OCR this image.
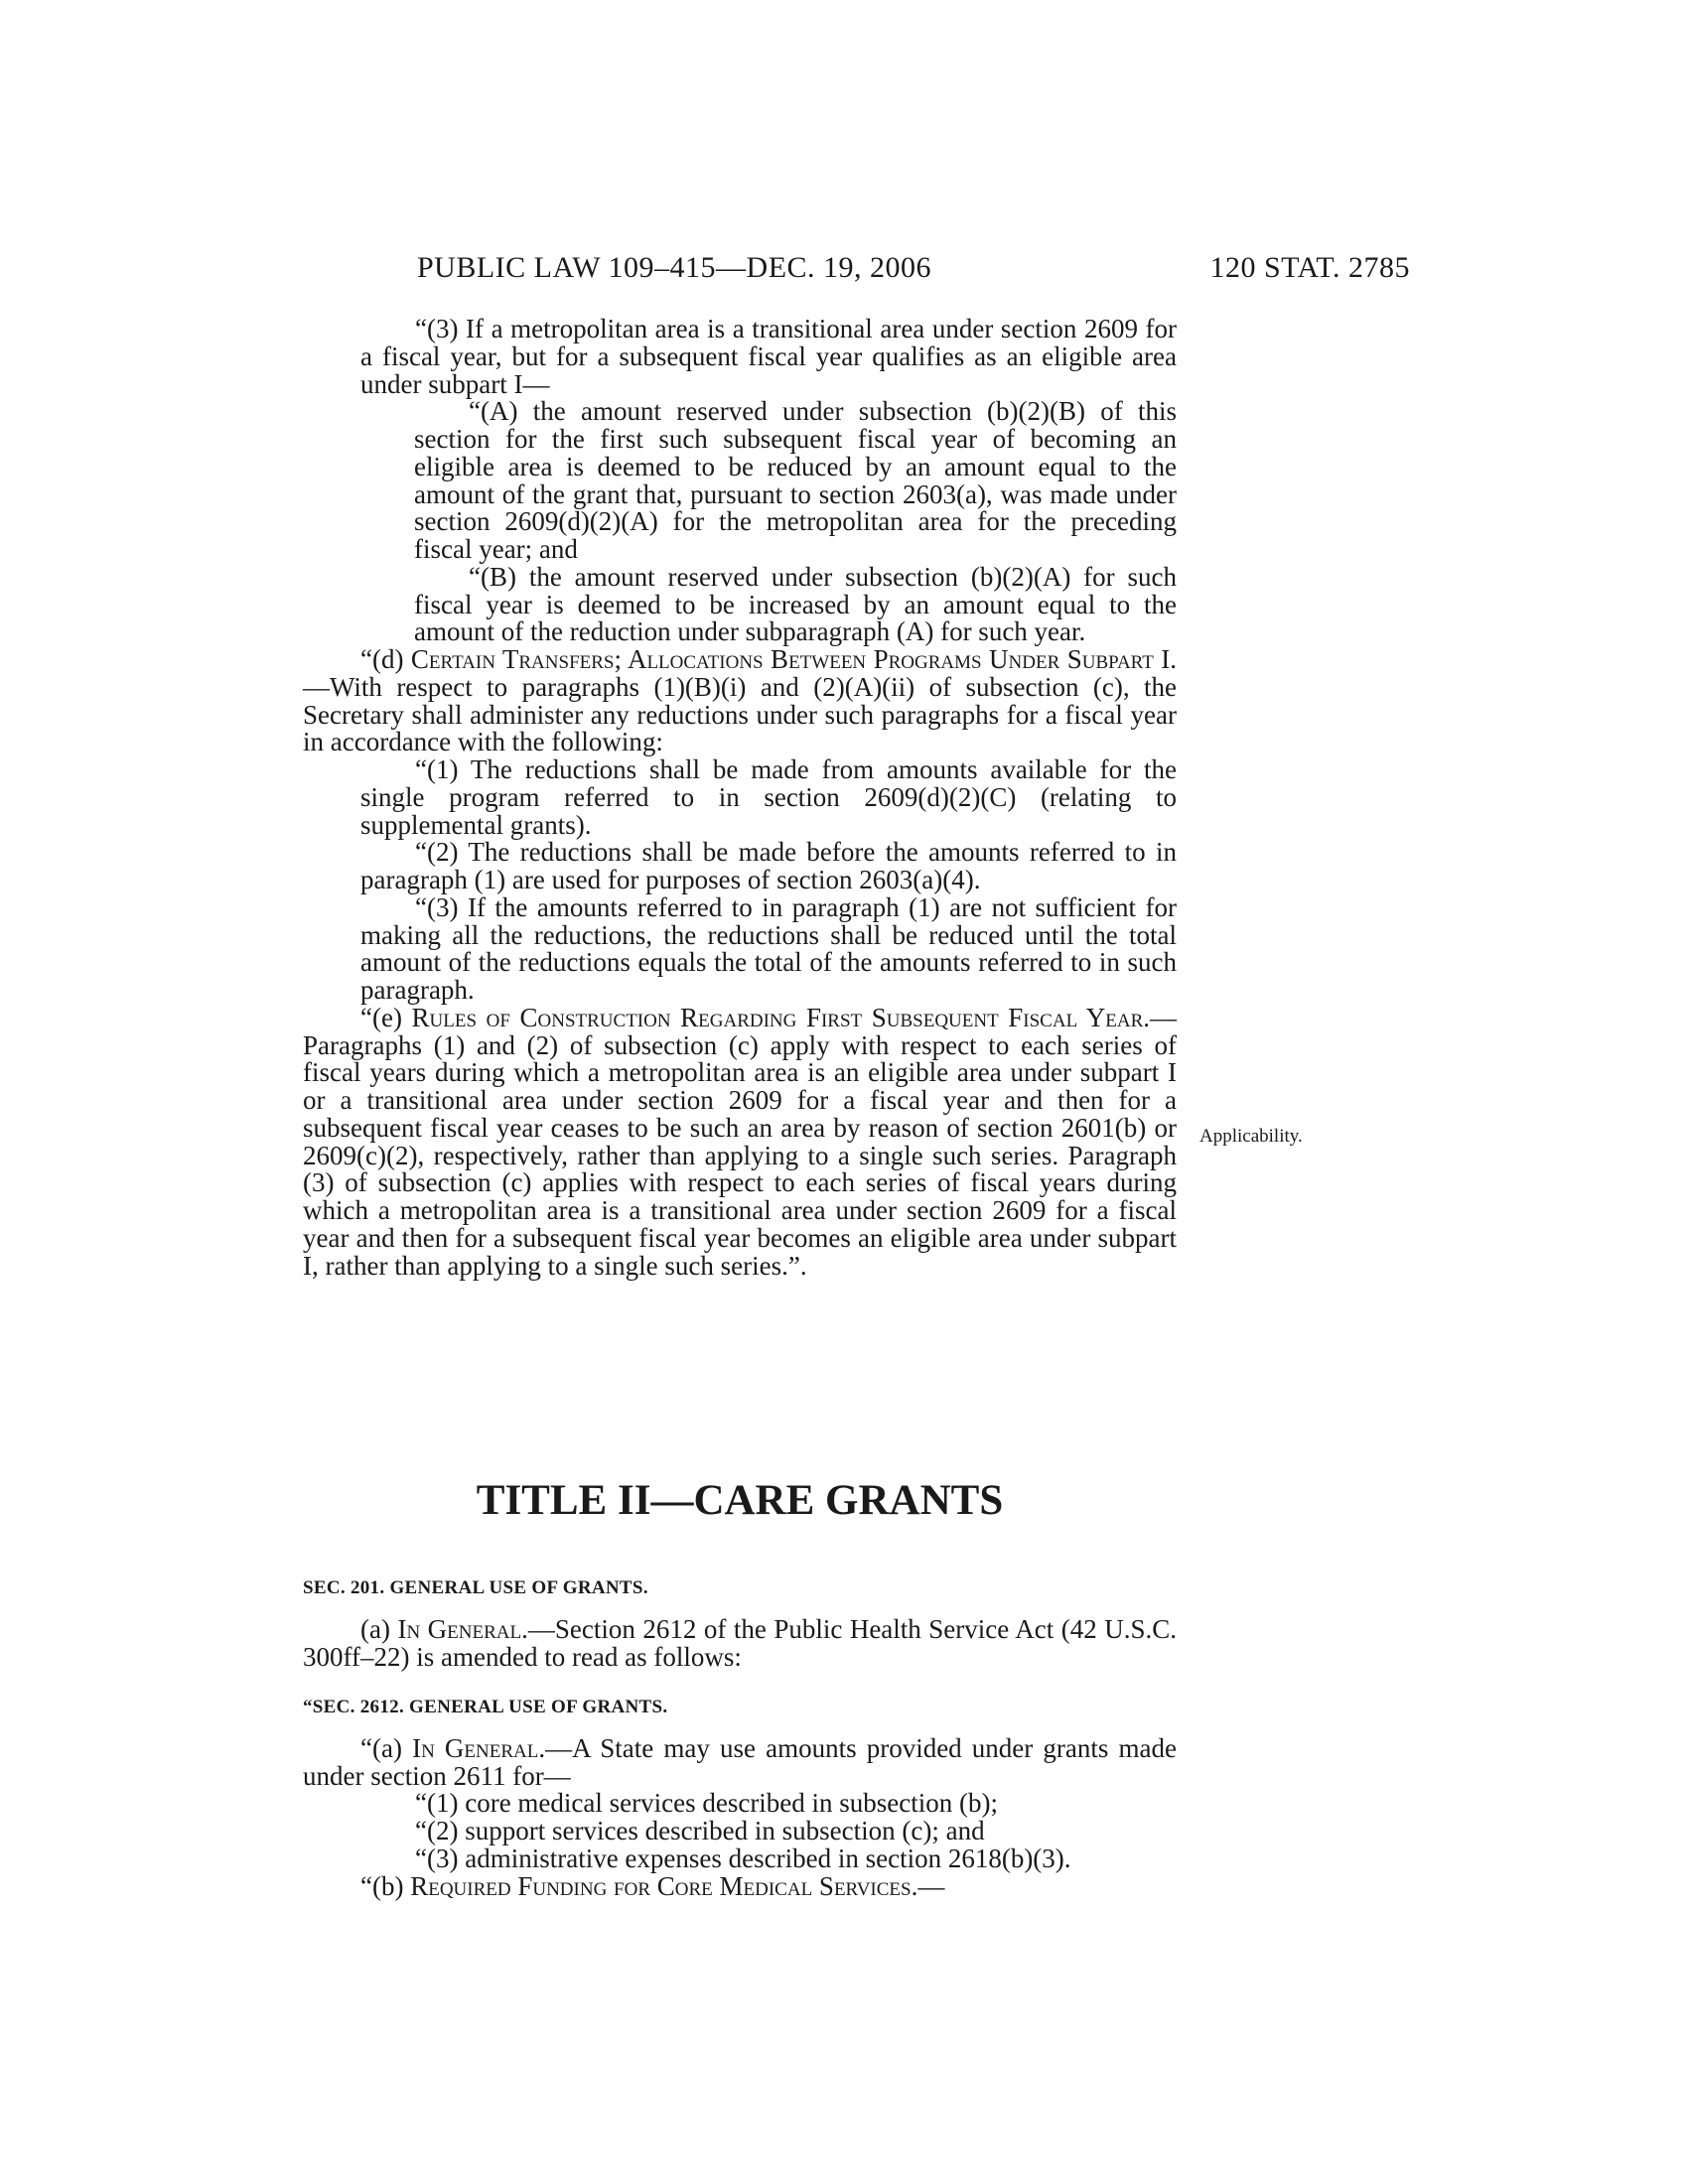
PUBLIC LAW 109–415—DEC. 19, 2006	120 STAT. 2785

“(3) If a metropolitan area is a transitional area under section 2609 for a fiscal year, but for a subsequent fiscal year qualifies as an eligible area under subpart I—

“(A) the amount reserved under subsection (b)(2)(B) of this section for the first such subsequent fiscal year of becoming an eligible area is deemed to be reduced by an amount equal to the amount of the grant that, pursuant to section 2603(a), was made under section 2609(d)(2)(A) for the metropolitan area for the preceding fiscal year; and

“(B) the amount reserved under subsection (b)(2)(A) for such fiscal year is deemed to be increased by an amount equal to the amount of the reduction under subparagraph (A) for such year.

“(d) Certain Transfers; Allocations Between Programs Under Subpart I.—With respect to paragraphs (1)(B)(i) and (2)(A)(ii) of subsection (c), the Secretary shall administer any reductions under such paragraphs for a fiscal year in accordance with the following:

“(1) The reductions shall be made from amounts available for the single program referred to in section 2609(d)(2)(C) (relating to supplemental grants).

“(2) The reductions shall be made before the amounts referred to in paragraph (1) are used for purposes of section 2603(a)(4).

“(3) If the amounts referred to in paragraph (1) are not sufficient for making all the reductions, the reductions shall be reduced until the total amount of the reductions equals the total of the amounts referred to in such paragraph.

“(e) Rules of Construction Regarding First Subsequent Fiscal Year.—Paragraphs (1) and (2) of subsection (c) apply with respect to each series of fiscal years during which a metropolitan area is an eligible area under subpart I or a transitional area under section 2609 for a fiscal year and then for a subsequent fiscal year ceases to be such an area by reason of section 2601(b) or 2609(c)(2), respectively, rather than applying to a single such series. Paragraph (3) of subsection (c) applies with respect to each series of fiscal years during which a metropolitan area is a transitional area under section 2609 for a fiscal year and then for a subsequent fiscal year becomes an eligible area under subpart I, rather than applying to a single such series.”.

Applicability.
TITLE II—CARE GRANTS
SEC. 201. GENERAL USE OF GRANTS.

(a) In General.—Section 2612 of the Public Health Service Act (42 U.S.C. 300ff–22) is amended to read as follows:

“SEC. 2612. GENERAL USE OF GRANTS.

“(a) In General.—A State may use amounts provided under grants made under section 2611 for—

“(1) core medical services described in subsection (b);

“(2) support services described in subsection (c); and

“(3) administrative expenses described in section 2618(b)(3).

“(b) Required Funding for Core Medical Services.—
